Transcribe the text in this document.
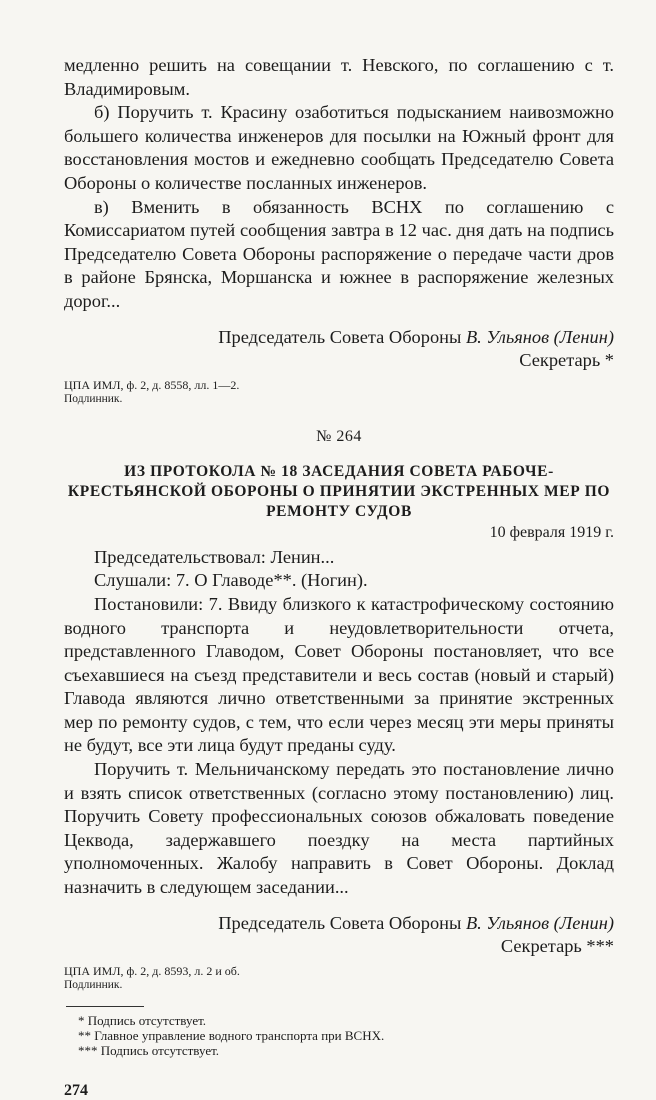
медленно решить на совещании т. Невского, по соглашению с т. Владимировым.

б) Поручить т. Красину озаботиться подысканием наивозможно большего количества инженеров для посылки на Южный фронт для восстановления мостов и ежедневно сообщать Председателю Совета Обороны о количестве посланных инженеров.

в) Вменить в обязанность ВСНХ по соглашению с Комиссариатом путей сообщения завтра в 12 час. дня дать на подпись Председателю Совета Обороны распоряжение о передаче части дров в районе Брянска, Моршанска и южнее в распоряжение железных дорог...

Председатель Совета Обороны В. Ульянов (Ленин)

Секретарь *

ЦПА ИМЛ, ф. 2, д. 8558, лл. 1—2.
Подлинник.

№ 264

ИЗ ПРОТОКОЛА № 18 ЗАСЕДАНИЯ СОВЕТА РАБОЧЕ-КРЕСТЬЯНСКОЙ ОБОРОНЫ О ПРИНЯТИИ ЭКСТРЕННЫХ МЕР ПО РЕМОНТУ СУДОВ

10 февраля 1919 г.

Председательствовал: Ленин...

Слушали: 7. О Главоде**. (Ногин).

Постановили: 7. Ввиду близкого к катастрофическому состоянию водного транспорта и неудовлетворительности отчета, представленного Главодом, Совет Обороны постановляет, что все съехавшиеся на съезд представители и весь состав (новый и старый) Главода являются лично ответственными за принятие экстренных мер по ремонту судов, с тем, что если через месяц эти меры приняты не будут, все эти лица будут преданы суду.

Поручить т. Мельничанскому передать это постановление лично и взять список ответственных (согласно этому постановлению) лиц. Поручить Совету профессиональных союзов обжаловать поведение Цекводa, задержавшего поездку на места партийных уполномоченных. Жалобу направить в Совет Обороны. Доклад назначить в следующем заседании...

Председатель Совета Обороны В. Ульянов (Ленин)

Секретарь ***

ЦПА ИМЛ, ф. 2, д. 8593, л. 2 и об.
Подлинник.

* Подпись отсутствует.

** Главное управление водного транспорта при ВСНХ.

*** Подпись отсутствует.

274
